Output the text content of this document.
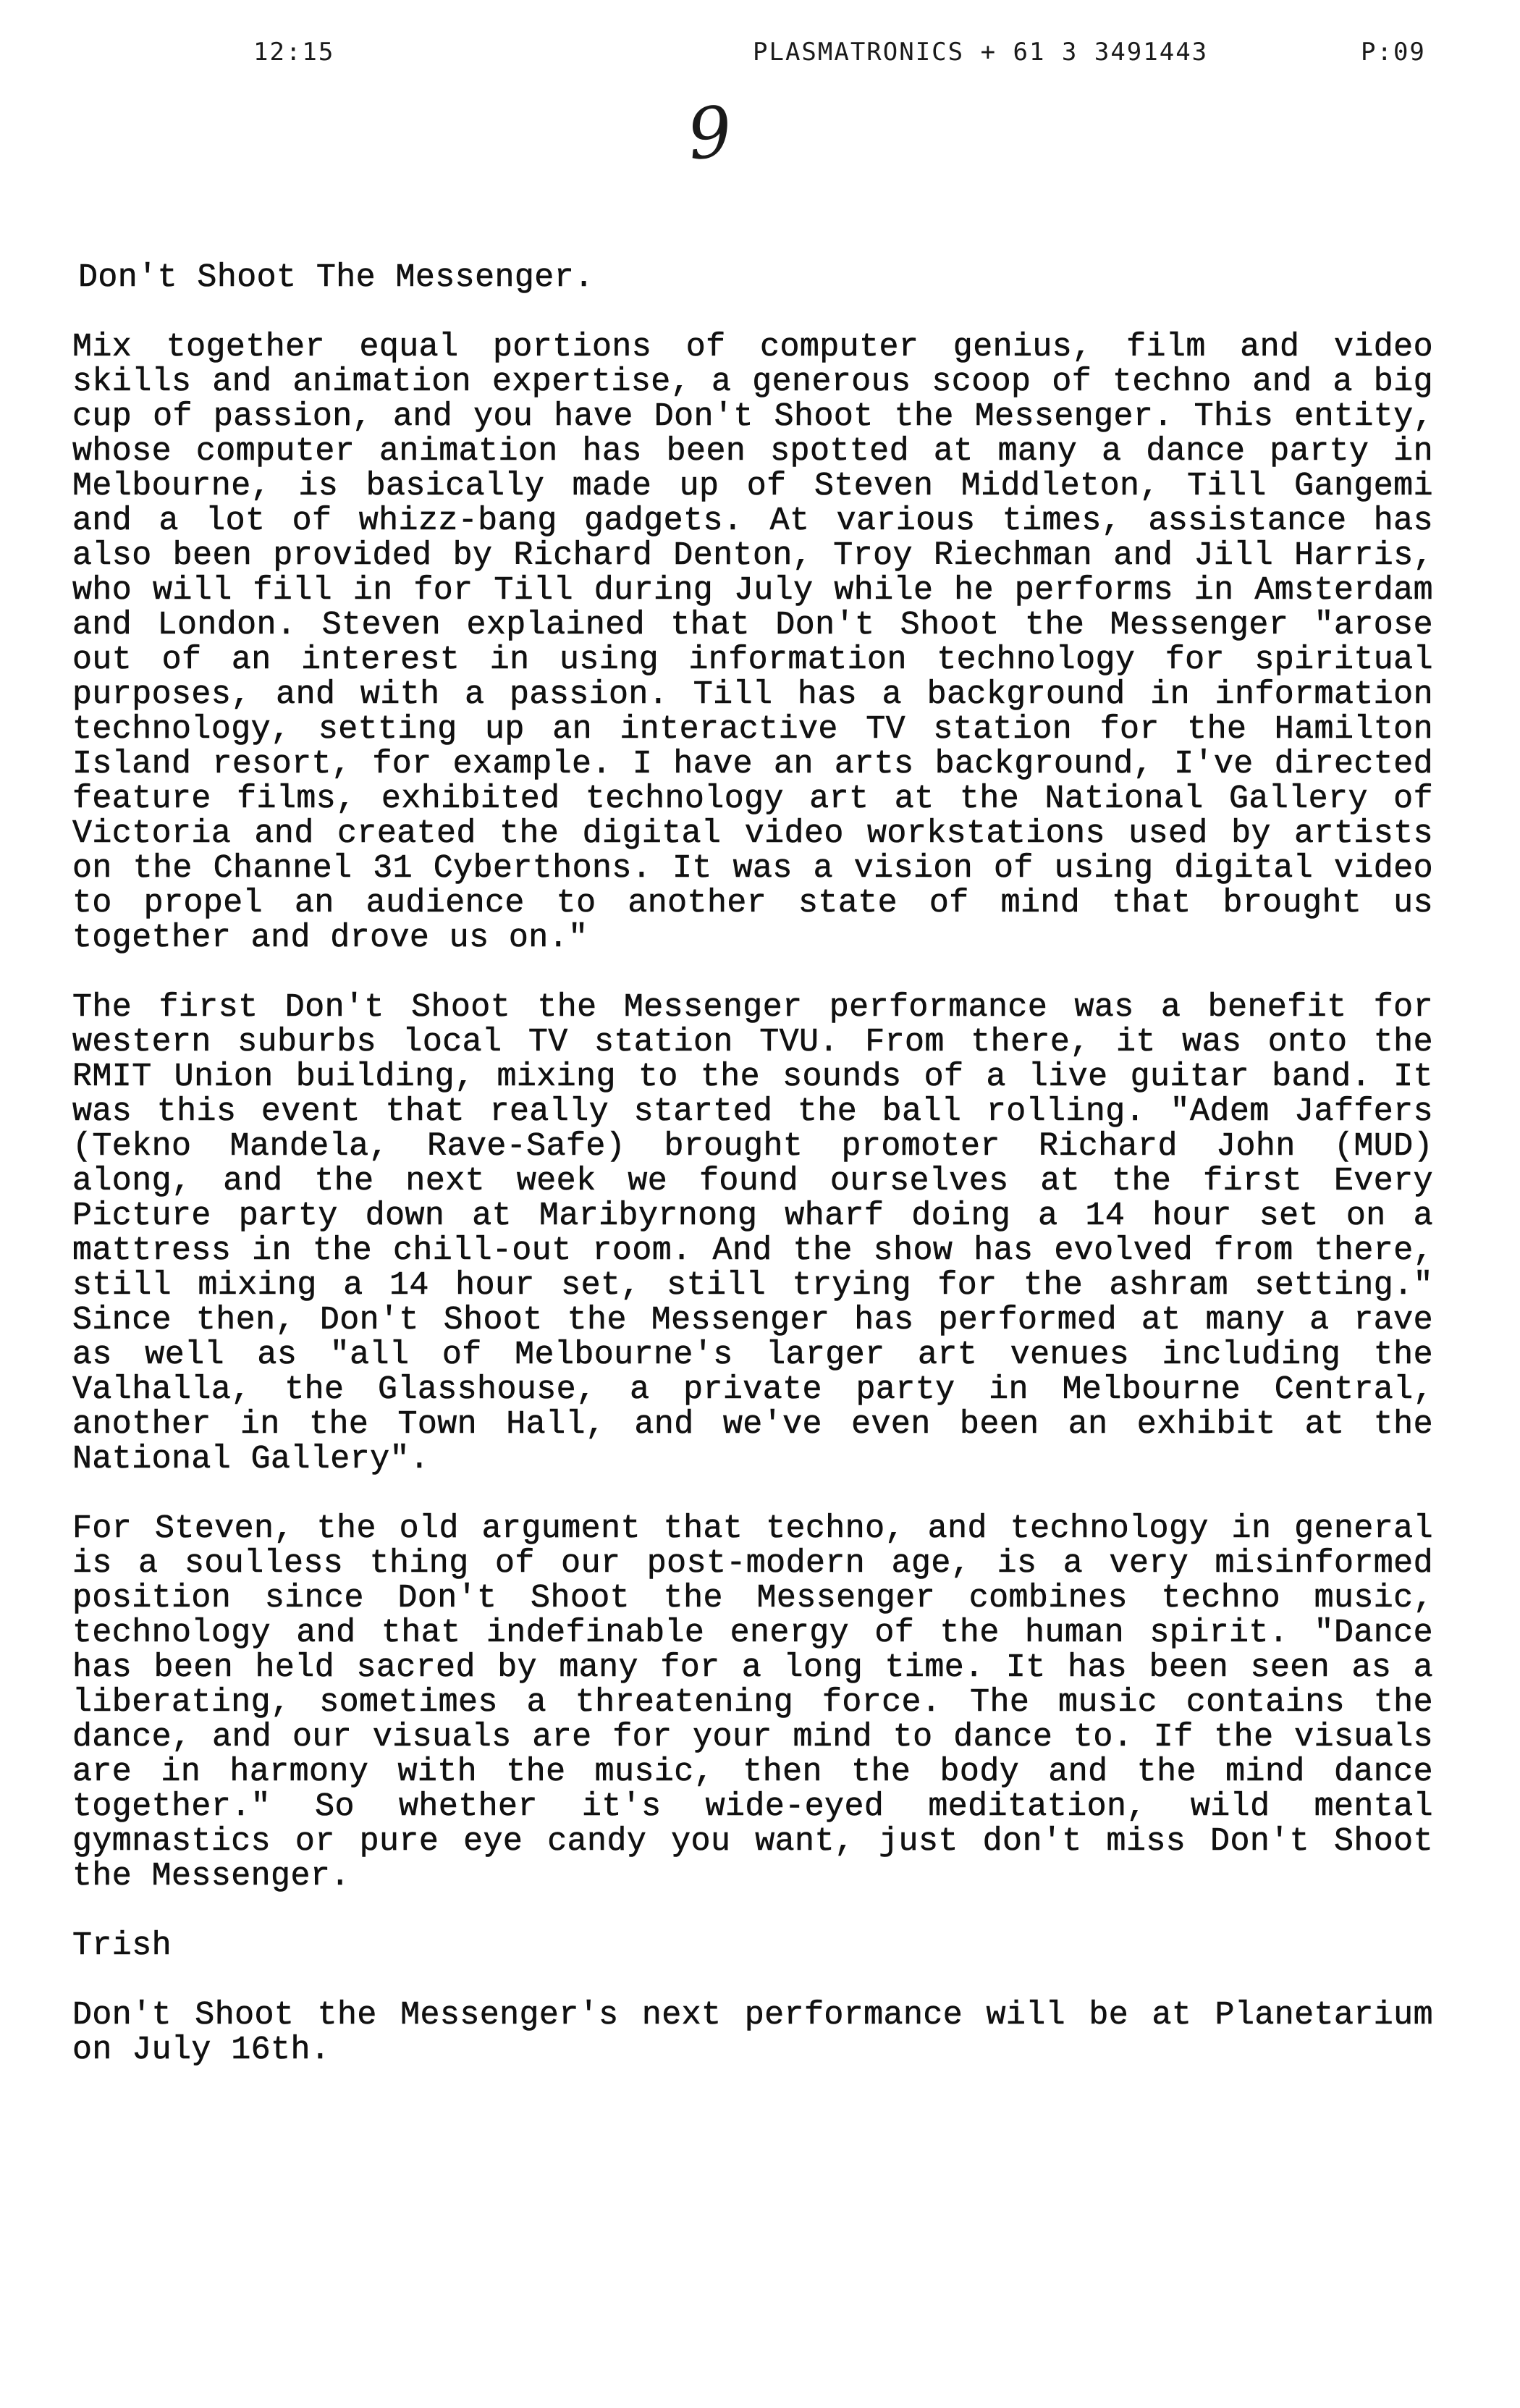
12:15	PLASMATRONICS + 61 3 3491443	P:09
9
Don't Shoot The Messenger.

Mix together equal portions of computer genius, film and video skills and animation expertise, a generous scoop of techno and a big cup of passion, and you have Don't Shoot the Messenger. This entity, whose computer animation has been spotted at many a dance party in Melbourne, is basically made up of Steven Middleton, Till Gangemi and a lot of whizz-bang gadgets. At various times, assistance has also been provided by Richard Denton, Troy Riechman and Jill Harris, who will fill in for Till during July while he performs in Amsterdam and London. Steven explained that Don't Shoot the Messenger "arose out of an interest in using information technology for spiritual purposes, and with a passion. Till has a background in information technology, setting up an interactive TV station for the Hamilton Island resort, for example. I have an arts background, I've directed feature films, exhibited technology art at the National Gallery of Victoria and created the digital video workstations used by artists on the Channel 31 Cyberthons. It was a vision of using digital video to propel an audience to another state of mind that brought us together and drove us on."

The first Don't Shoot the Messenger performance was a benefit for western suburbs local TV station TVU. From there, it was onto the RMIT Union building, mixing to the sounds of a live guitar band. It was this event that really started the ball rolling. "Adem Jaffers (Tekno Mandela, Rave-Safe) brought promoter Richard John (MUD) along, and the next week we found ourselves at the first Every Picture party down at Maribyrnong wharf doing a 14 hour set on a mattress in the chill-out room. And the show has evolved from there, still mixing a 14 hour set, still trying for the ashram setting." Since then, Don't Shoot the Messenger has performed at many a rave as well as "all of Melbourne's larger art venues including the Valhalla, the Glasshouse, a private party in Melbourne Central, another in the Town Hall, and we've even been an exhibit at the National Gallery".

For Steven, the old argument that techno, and technology in general is a soulless thing of our post-modern age, is a very misinformed position since Don't Shoot the Messenger combines techno music, technology and that indefinable energy of the human spirit. "Dance has been held sacred by many for a long time. It has been seen as a liberating, sometimes a threatening force. The music contains the dance, and our visuals are for your mind to dance to. If the visuals are in harmony with the music, then the body and the mind dance together." So whether it's wide-eyed meditation, wild mental gymnastics or pure eye candy you want, just don't miss Don't Shoot the Messenger.

Trish

Don't Shoot the Messenger's next performance will be at Planetarium on July 16th.
